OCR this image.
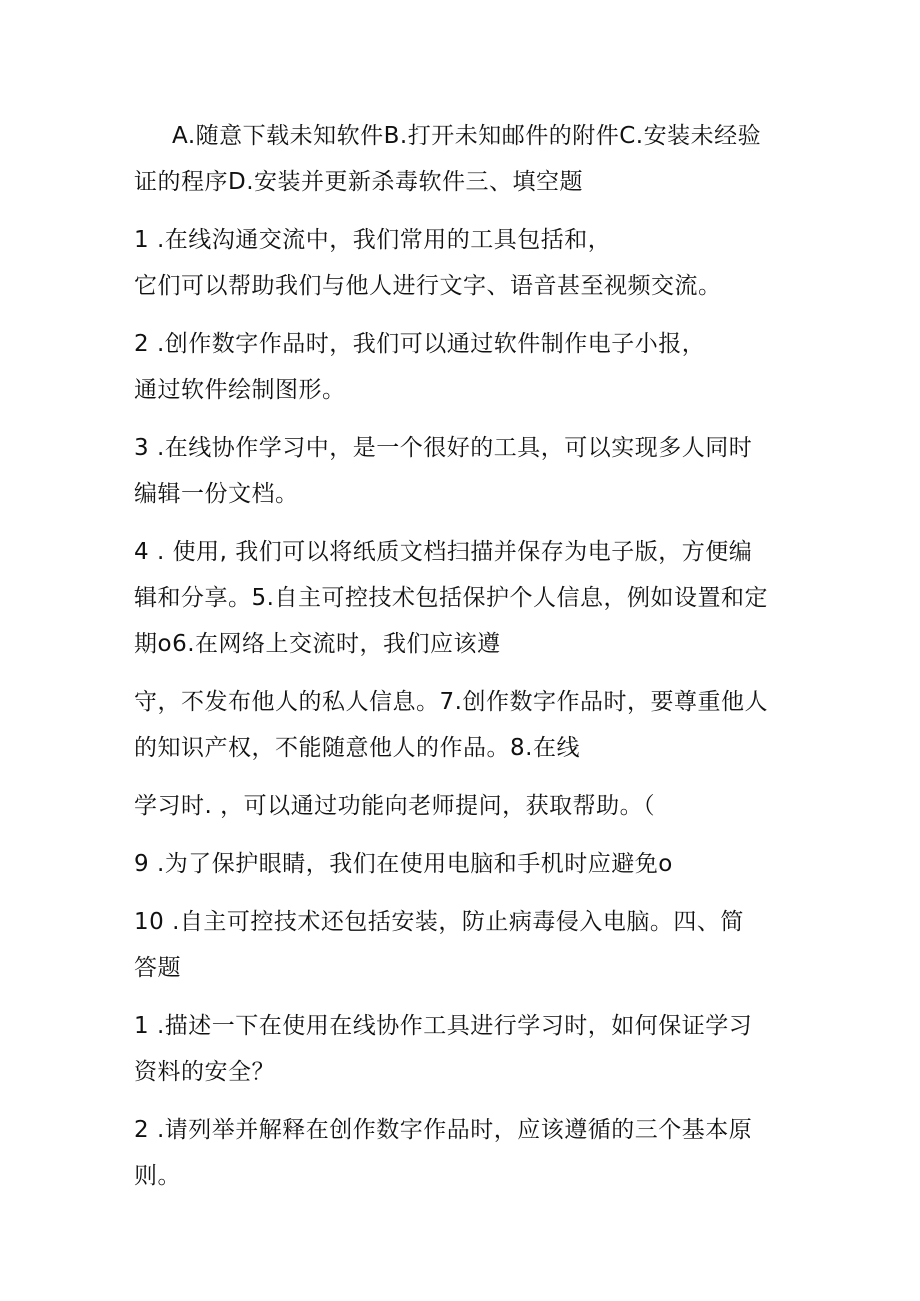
A.随意下载未知软件B.打开未知邮件的附件C.安装未经验
证的程序D.安装并更新杀毒软件三、填空题
1 .在线沟通交流中，我们常用的工具包括和，
它们可以帮助我们与他人进行文字、语音甚至视频交流。
2 .创作数字作品时，我们可以通过软件制作电子小报，
通过软件绘制图形。
3 .在线协作学习中，是一个很好的工具，可以实现多人同时
编辑一份文档。
4 . 使用, 我们可以将纸质文档扫描并保存为电子版，方便编
辑和分享。5.自主可控技术包括保护个人信息，例如设置和定
期o6.在网络上交流时，我们应该遵
守，不发布他人的私人信息。7.创作数字作品时，要尊重他人
的知识产权，不能随意他人的作品。8.在线
学习时. ，可以通过功能向老师提问，获取帮助。（
9 .为了保护眼睛，我们在使用电脑和手机时应避免o
10 .自主可控技术还包括安装，防止病毒侵入电脑。四、简
答题
1 .描述一下在使用在线协作工具进行学习时，如何保证学习
资料的安全？
2 .请列举并解释在创作数字作品时，应该遵循的三个基本原
则。
